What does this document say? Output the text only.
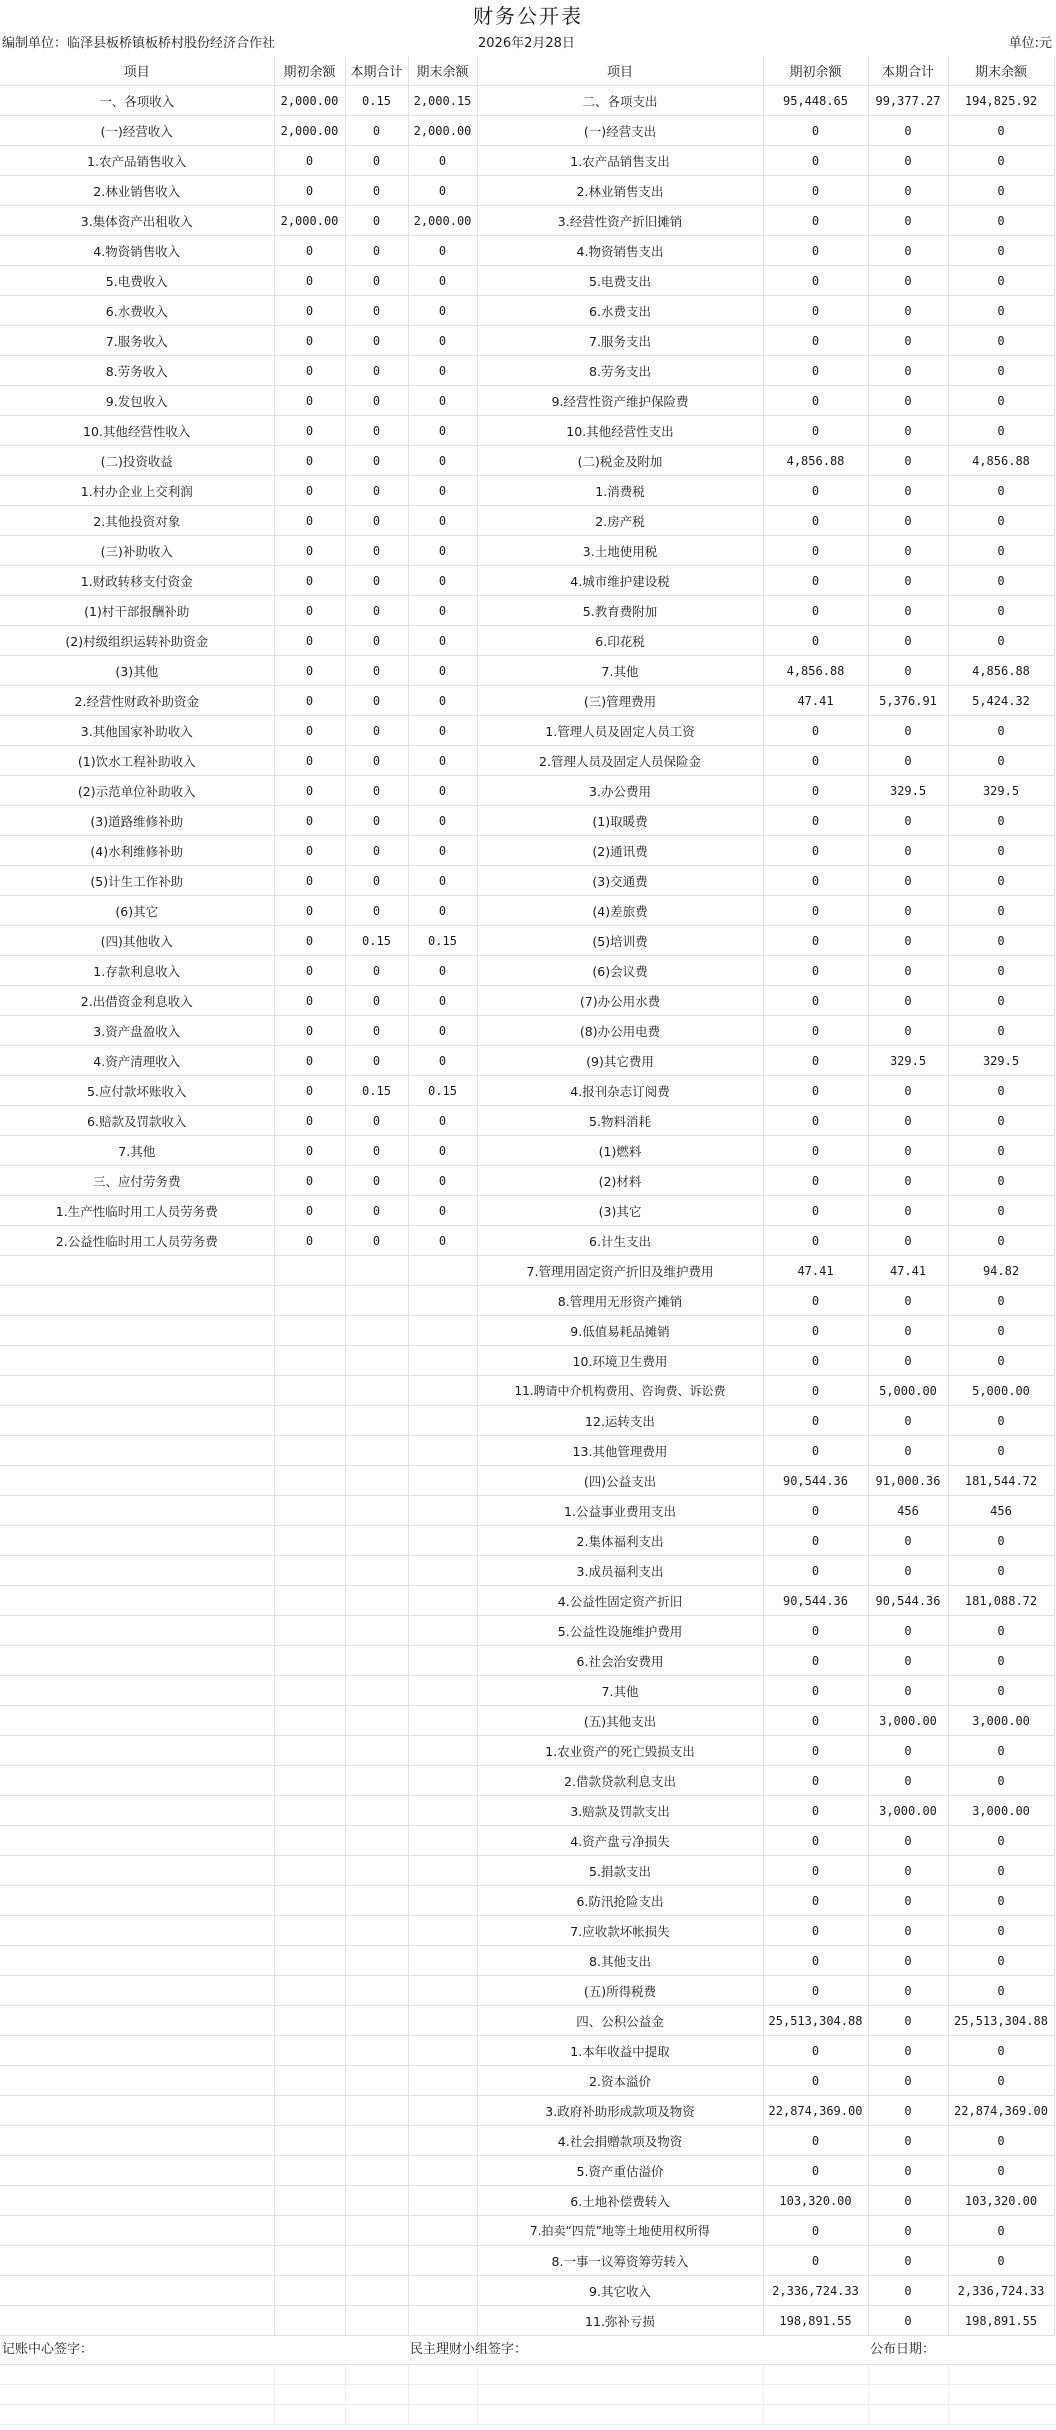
财务公开表
编制单位：临泽县板桥镇板桥村股份经济合作社	2026年2月28日	单位:元
项目	期初余额	本期合计	期末余额	项目	期初余额	本期合计	期末余额
一、各项收入	2,000.00	0.15	2,000.15	二、各项支出	95,448.65	99,377.27	194,825.92
(一)经营收入	2,000.00	0	2,000.00	(一)经营支出	0	0	0
1.农产品销售收入	0	0	0	1.农产品销售支出	0	0	0
2.林业销售收入	0	0	0	2.林业销售支出	0	0	0
3.集体资产出租收入	2,000.00	0	2,000.00	3.经营性资产折旧摊销	0	0	0
4.物资销售收入	0	0	0	4.物资销售支出	0	0	0
5.电费收入	0	0	0	5.电费支出	0	0	0
6.水费收入	0	0	0	6.水费支出	0	0	0
7.服务收入	0	0	0	7.服务支出	0	0	0
8.劳务收入	0	0	0	8.劳务支出	0	0	0
9.发包收入	0	0	0	9.经营性资产维护保险费	0	0	0
10.其他经营性收入	0	0	0	10.其他经营性支出	0	0	0
(二)投资收益	0	0	0	(二)税金及附加	4,856.88	0	4,856.88
1.村办企业上交利润	0	0	0	1.消费税	0	0	0
2.其他投资对象	0	0	0	2.房产税	0	0	0
(三)补助收入	0	0	0	3.土地使用税	0	0	0
1.财政转移支付资金	0	0	0	4.城市维护建设税	0	0	0
(1)村干部报酬补助	0	0	0	5.教育费附加	0	0	0
(2)村级组织运转补助资金	0	0	0	6.印花税	0	0	0
(3)其他	0	0	0	7.其他	4,856.88	0	4,856.88
2.经营性财政补助资金	0	0	0	(三)管理费用	47.41	5,376.91	5,424.32
3.其他国家补助收入	0	0	0	1.管理人员及固定人员工资	0	0	0
(1)饮水工程补助收入	0	0	0	2.管理人员及固定人员保险金	0	0	0
(2)示范单位补助收入	0	0	0	3.办公费用	0	329.5	329.5
(3)道路维修补助	0	0	0	(1)取暖费	0	0	0
(4)水利维修补助	0	0	0	(2)通讯费	0	0	0
(5)计生工作补助	0	0	0	(3)交通费	0	0	0
(6)其它	0	0	0	(4)差旅费	0	0	0
(四)其他收入	0	0.15	0.15	(5)培训费	0	0	0
1.存款利息收入	0	0	0	(6)会议费	0	0	0
2.出借资金利息收入	0	0	0	(7)办公用水费	0	0	0
3.资产盘盈收入	0	0	0	(8)办公用电费	0	0	0
4.资产清理收入	0	0	0	(9)其它费用	0	329.5	329.5
5.应付款坏账收入	0	0.15	0.15	4.报刊杂志订阅费	0	0	0
6.赔款及罚款收入	0	0	0	5.物料消耗	0	0	0
7.其他	0	0	0	(1)燃料	0	0	0
三、应付劳务费	0	0	0	(2)材料	0	0	0
1.生产性临时用工人员劳务费	0	0	0	(3)其它	0	0	0
2.公益性临时用工人员劳务费	0	0	0	6.计生支出	0	0	0
				7.管理用固定资产折旧及维护费用	47.41	47.41	94.82
				8.管理用无形资产摊销	0	0	0
				9.低值易耗品摊销	0	0	0
				10.环境卫生费用	0	0	0
				11.聘请中介机构费用、咨询费、诉讼费	0	5,000.00	5,000.00
				12.运转支出	0	0	0
				13.其他管理费用	0	0	0
				(四)公益支出	90,544.36	91,000.36	181,544.72
				1.公益事业费用支出	0	456	456
				2.集体福利支出	0	0	0
				3.成员福利支出	0	0	0
				4.公益性固定资产折旧	90,544.36	90,544.36	181,088.72
				5.公益性设施维护费用	0	0	0
				6.社会治安费用	0	0	0
				7.其他	0	0	0
				(五)其他支出	0	3,000.00	3,000.00
				1.农业资产的死亡毁损支出	0	0	0
				2.借款贷款利息支出	0	0	0
				3.赔款及罚款支出	0	3,000.00	3,000.00
				4.资产盘亏净损失	0	0	0
				5.捐款支出	0	0	0
				6.防汛抢险支出	0	0	0
				7.应收款坏帐损失	0	0	0
				8.其他支出	0	0	0
				(五)所得税费	0	0	0
				四、公积公益金	25,513,304.88	0	25,513,304.88
				1.本年收益中提取	0	0	0
				2.资本溢价	0	0	0
				3.政府补助形成款项及物资	22,874,369.00	0	22,874,369.00
				4.社会捐赠款项及物资	0	0	0
				5.资产重估溢价	0	0	0
				6.土地补偿费转入	103,320.00	0	103,320.00
				7.拍卖“四荒”地等土地使用权所得	0	0	0
				8.一事一议筹资筹劳转入	0	0	0
				9.其它收入	2,336,724.33	0	2,336,724.33
				11.弥补亏损	198,891.55	0	198,891.55
记账中心签字：	民主理财小组签字：	公布日期：
